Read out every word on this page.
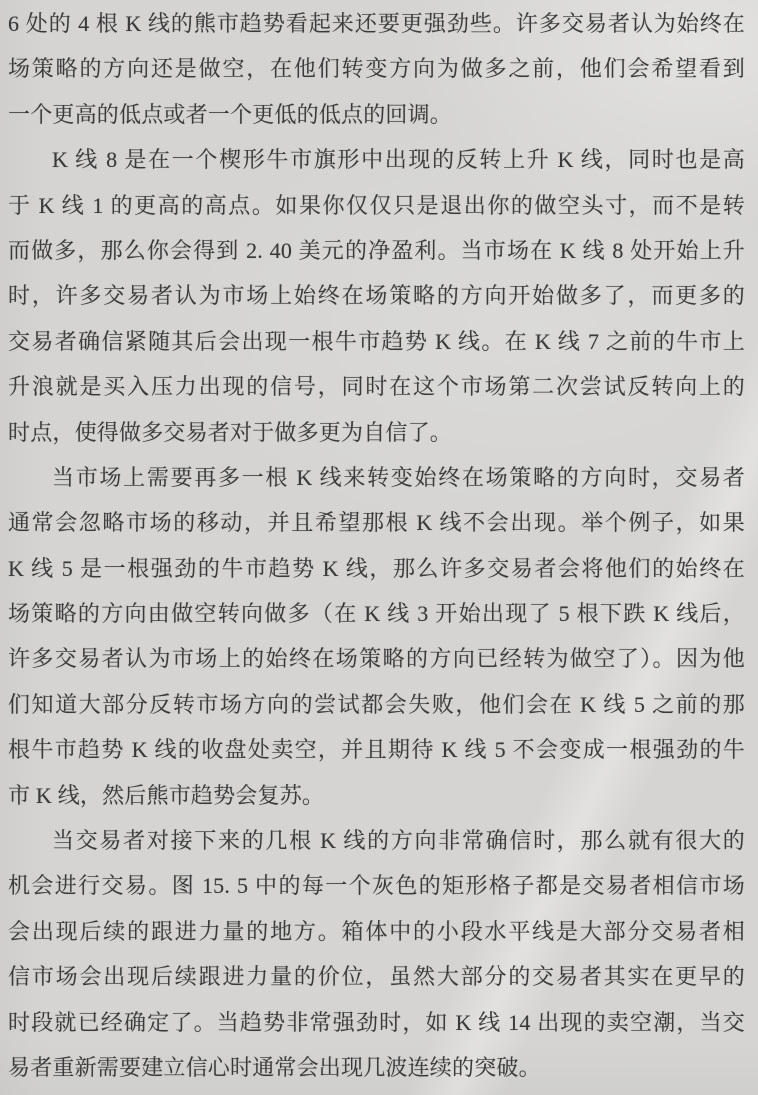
6 处的 4 根 K 线的熊市趋势看起来还要更强劲些。许多交易者认为始终在
场策略的方向还是做空，在他们转变方向为做多之前，他们会希望看到
一个更高的低点或者一个更低的低点的回调。
K 线 8 是在一个楔形牛市旗形中出现的反转上升 K 线，同时也是高
于 K 线 1 的更高的高点。如果你仅仅只是退出你的做空头寸，而不是转
而做多，那么你会得到 2. 40 美元的净盈利。当市场在 K 线 8 处开始上升
时，许多交易者认为市场上始终在场策略的方向开始做多了，而更多的
交易者确信紧随其后会出现一根牛市趋势 K 线。在 K 线 7 之前的牛市上
升浪就是买入压力出现的信号，同时在这个市场第二次尝试反转向上的
时点，使得做多交易者对于做多更为自信了。
当市场上需要再多一根 K 线来转变始终在场策略的方向时，交易者
通常会忽略市场的移动，并且希望那根 K 线不会出现。举个例子，如果
K 线 5 是一根强劲的牛市趋势 K 线，那么许多交易者会将他们的始终在
场策略的方向由做空转向做多（在 K 线 3 开始出现了 5 根下跌 K 线后，
许多交易者认为市场上的始终在场策略的方向已经转为做空了）。因为他
们知道大部分反转市场方向的尝试都会失败，他们会在 K 线 5 之前的那
根牛市趋势 K 线的收盘处卖空，并且期待 K 线 5 不会变成一根强劲的牛
市 K 线，然后熊市趋势会复苏。
当交易者对接下来的几根 K 线的方向非常确信时，那么就有很大的
机会进行交易。图 15. 5 中的每一个灰色的矩形格子都是交易者相信市场
会出现后续的跟进力量的地方。箱体中的小段水平线是大部分交易者相
信市场会出现后续跟进力量的价位，虽然大部分的交易者其实在更早的
时段就已经确定了。当趋势非常强劲时，如 K 线 14 出现的卖空潮，当交
易者重新需要建立信心时通常会出现几波连续的突破。
